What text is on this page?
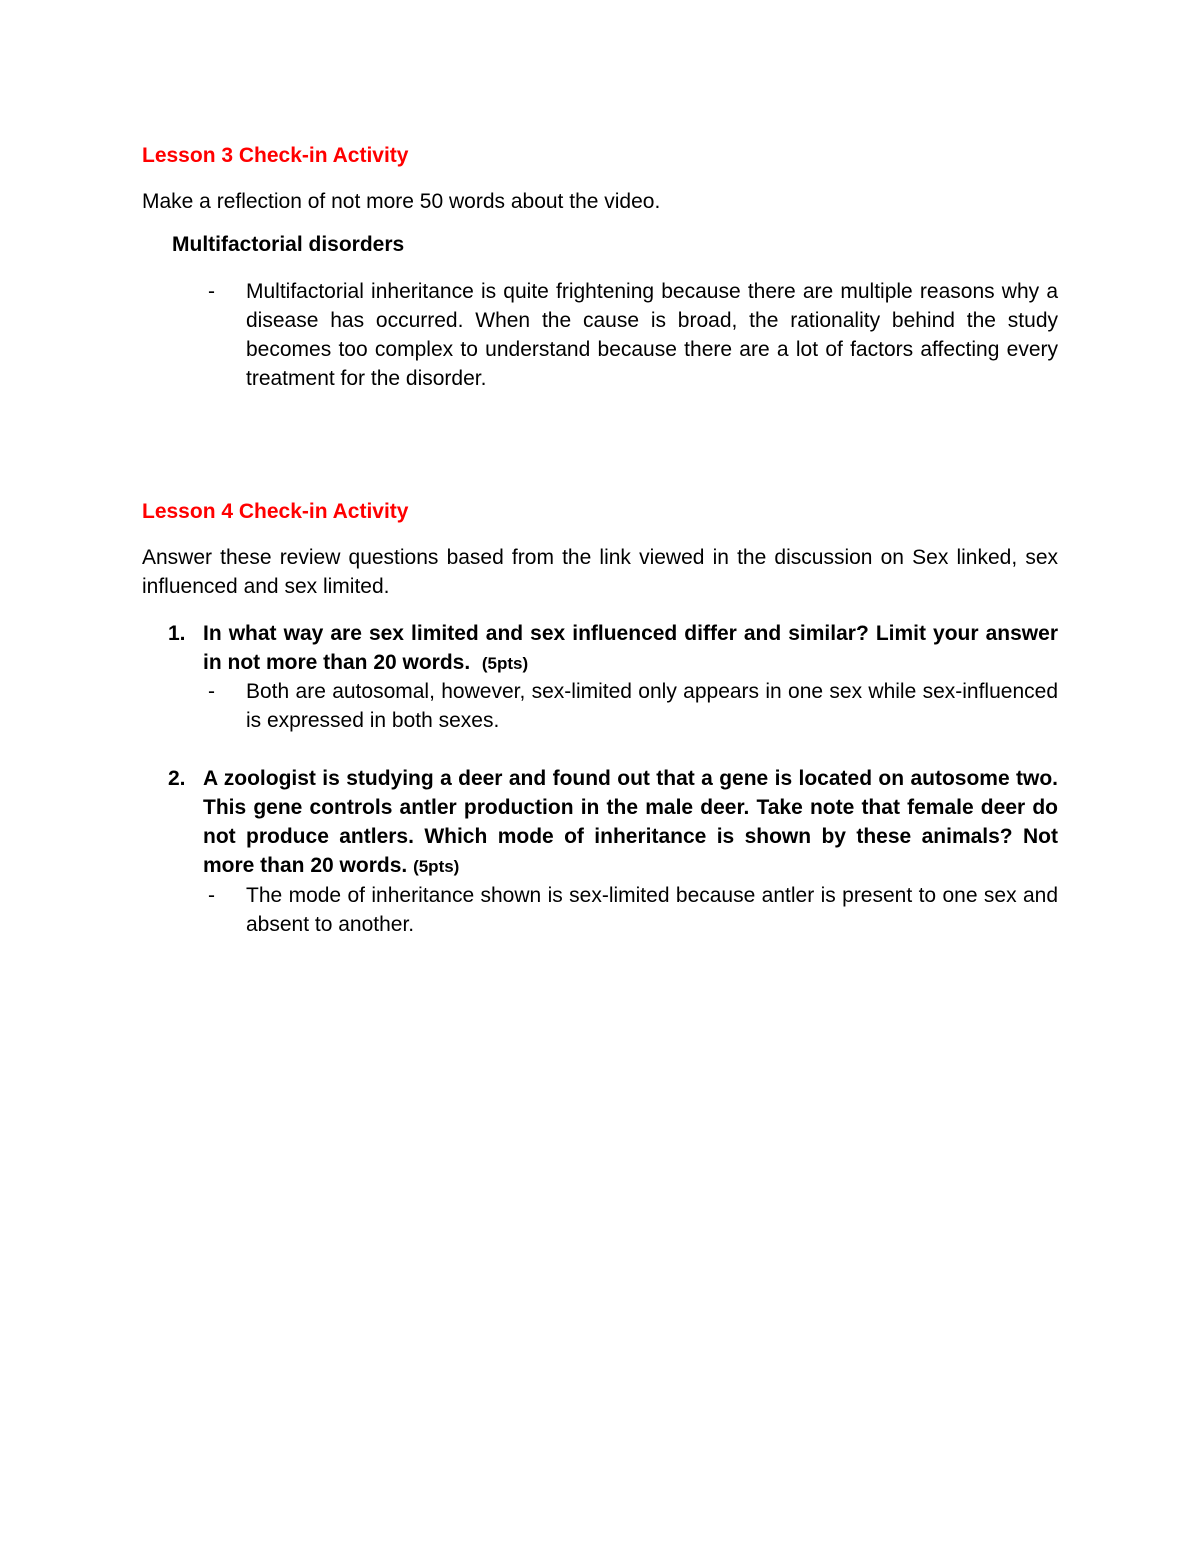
Lesson 3 Check-in Activity

Make a reflection of not more 50 words about the video.

Multifactorial disorders
-	Multifactorial inheritance is quite frightening because there are multiple reasons why a disease has occurred. When the cause is broad, the rationality behind the study becomes too complex to understand because there are a lot of factors affecting every treatment for the disorder.
Lesson 4 Check-in Activity

Answer these review questions based from the link viewed in the discussion on Sex linked, sex influenced and sex limited.

1. In what way are sex limited and sex influenced differ and similar? Limit your answer in not more than 20 words. (5pts)
-	Both are autosomal, however, sex-limited only appears in one sex while sex-influenced is expressed in both sexes.
2. A zoologist is studying a deer and found out that a gene is located on autosome two. This gene controls antler production in the male deer. Take note that female deer do not produce antlers. Which mode of inheritance is shown by these animals? Not more than 20 words. (5pts)
-	The mode of inheritance shown is sex-limited because antler is present to one sex and absent to another.
